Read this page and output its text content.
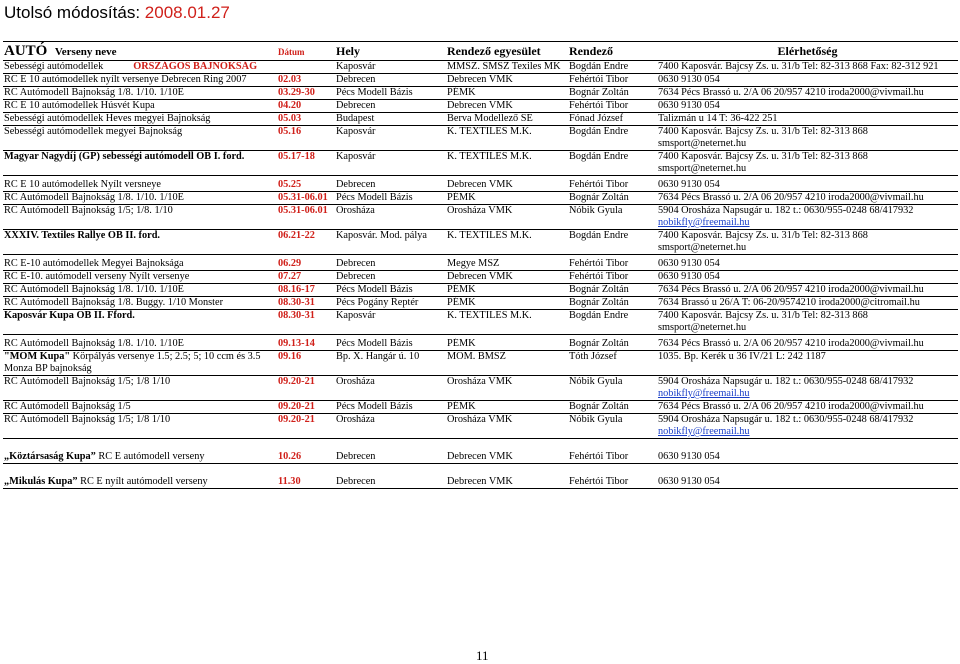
Utolsó módosítás: 2008.01.27
AUTÓ Verseny neve	Dátum	Hely	Rendező egyesület	Rendező	Elérhetőség
Sebességi autómodellek ORSZÁGOS BAJNOKSÁG		Kaposvár	MMSZ. SMSZ Texiles MK	Bogdán Endre	7400 Kaposvár. Bajcsy Zs. u. 31/b Tel: 82-313 868 Fax: 82-312 921
RC E 10 autómodellek nyílt versenye Debrecen Ring 2007	02.03	Debrecen	Debrecen VMK	Fehértói Tibor	0630 9130 054
RC Autómodell Bajnokság 1/8. 1/10. 1/10E	03.29-30	Pécs Modell Bázis	PÉMK	Bognár Zoltán	7634 Pécs Brassó u. 2/A 06 20/957 4210 iroda2000@vivmail.hu
RC E 10 autómodellek Húsvét Kupa	04.20	Debrecen	Debrecen VMK	Fehértói Tibor	0630 9130 054
Sebességi autómodellek Heves megyei Bajnokság	05.03	Budapest	Berva Modellező SE	Fónad József	Talizmán u 14 T: 36-422 251
Sebességi autómodellek megyei Bajnokság	05.16	Kaposvár	K. TEXTILES M.K.	Bogdán Endre	7400 Kaposvár. Bajcsy Zs. u. 31/b Tel: 82-313 868
smsport@neternet.hu
Magyar Nagydíj (GP) sebességi autómodell OB I. ford.	05.17-18	Kaposvár	K. TEXTILES M.K.	Bogdán Endre	7400 Kaposvár. Bajcsy Zs. u. 31/b Tel: 82-313 868
smsport@neternet.hu

RC E 10 autómodellek Nyílt versneye	05.25	Debrecen	Debrecen VMK	Fehértói Tibor	0630 9130 054
RC Autómodell Bajnokság 1/8. 1/10. 1/10E	05.31-06.01	Pécs Modell Bázis	PÉMK	Bognár Zoltán	7634 Pécs Brassó u. 2/A 06 20/957 4210 iroda2000@vivmail.hu
RC Autómodell Bajnokság 1/5; 1/8. 1/10	05.31-06.01	Orosháza	Orosháza VMK	Nóbik Gyula	5904 Orosháza Napsugár u. 182 t.: 0630/955-0248 68/417932
nobikfly@freemail.hu
XXXIV. Textiles Rallye OB II. ford.	06.21-22	Kaposvár. Mod. pálya	K. TEXTILES M.K.	Bogdán Endre	7400 Kaposvár. Bajcsy Zs. u. 31/b Tel: 82-313 868
smsport@neternet.hu

RC E-10 autómodellek Megyei Bajnoksága	06.29	Debrecen	Megye MSZ	Fehértói Tibor	0630 9130 054
RC E-10. autómodell verseny Nyílt versenye	07.27	Debrecen	Debrecen VMK	Fehértói Tibor	0630 9130 054
RC Autómodell Bajnokság 1/8. 1/10. 1/10E	08.16-17	Pécs Modell Bázis	PÉMK	Bognár Zoltán	7634 Pécs Brassó u. 2/A 06 20/957 4210 iroda2000@vivmail.hu
RC Autómodell Bajnokság 1/8. Buggy. 1/10 Monster	08.30-31	Pécs Pogány Reptér	PÉMK	Bognár Zoltán	7634 Brassó u 26/A T: 06-20/9574210 iroda2000@citromail.hu
Kaposvár Kupa OB II. Fford.	08.30-31	Kaposvár	K. TEXTILES M.K.	Bogdán Endre	7400 Kaposvár. Bajcsy Zs. u. 31/b Tel: 82-313 868
smsport@neternet.hu

RC Autómodell Bajnokság 1/8. 1/10. 1/10E	09.13-14	Pécs Modell Bázis	PÉMK	Bognár Zoltán	7634 Pécs Brassó u. 2/A 06 20/957 4210 iroda2000@vivmail.hu
"MOM Kupa" Körpályás versenye 1.5; 2.5; 5; 10 ccm és 3.5
Monza BP bajnokság	09.16	Bp. X. Hangár ú. 10	MOM. BMSZ	Tóth József	1035. Bp. Kerék u 36 IV/21 L: 242 1187
RC Autómodell Bajnokság 1/5; 1/8 1/10	09.20-21	Orosháza	Orosháza VMK	Nóbik Gyula	5904 Orosháza Napsugár u. 182 t.: 0630/955-0248 68/417932
nobikfly@freemail.hu
RC Autómodell Bajnokság 1/5	09.20-21	Pécs Modell Bázis	PÉMK	Bognár Zoltán	7634 Pécs Brassó u. 2/A 06 20/957 4210 iroda2000@vivmail.hu
RC Autómodell Bajnokság 1/5; 1/8 1/10	09.20-21	Orosháza	Orosháza VMK	Nóbik Gyula	5904 Orosháza Napsugár u. 182 t.: 0630/955-0248 68/417932
nobikfly@freemail.hu

„Köztársaság Kupa” RC E autómodell verseny	10.26	Debrecen	Debrecen VMK	Fehértói Tibor	0630 9130 054

„Mikulás Kupa” RC E nyílt autómodell verseny	11.30	Debrecen	Debrecen VMK	Fehértói Tibor	0630 9130 054
11
